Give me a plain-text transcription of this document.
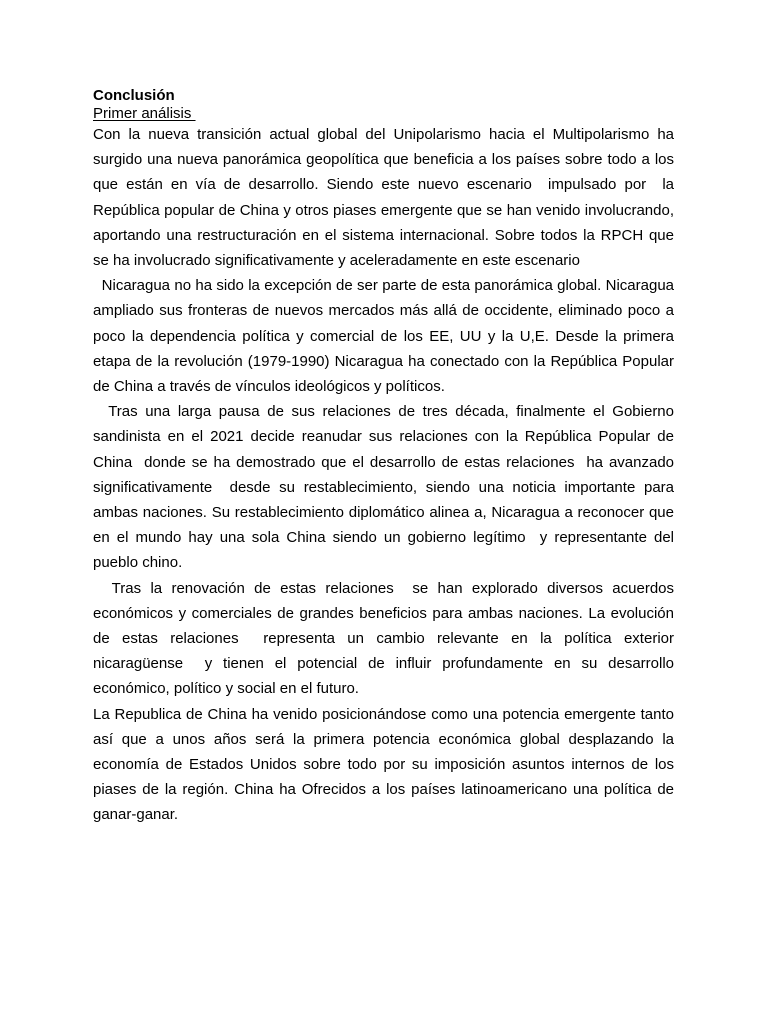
Conclusión

Primer análisis

Con la nueva transición actual global del Unipolarismo hacia el Multipolarismo ha surgido una nueva panorámica geopolítica que beneficia a los países sobre todo a los que están en vía de desarrollo. Siendo este nuevo escenario  impulsado por  la República popular de China y otros piases emergente que se han venido involucrando,  aportando una restructuración en el sistema internacional. Sobre todos la RPCH que se ha involucrado significativamente y aceleradamente en este escenario

Nicaragua no ha sido la excepción de ser parte de esta panorámica global. Nicaragua  ampliado sus fronteras de nuevos mercados más allá de occidente, eliminado poco a poco la dependencia política y comercial de los EE, UU y la U,E. Desde la primera etapa de la revolución (1979-1990) Nicaragua ha conectado con la República Popular de China a través de vínculos ideológicos y políticos.

Tras una larga pausa de sus relaciones de tres década, finalmente el Gobierno sandinista en el 2021 decide reanudar sus relaciones con la República Popular de China  donde se ha demostrado que el desarrollo de estas relaciones  ha avanzado significativamente  desde su restablecimiento, siendo una noticia importante para ambas naciones. Su restablecimiento diplomático alinea a, Nicaragua a reconocer que en el mundo hay una sola China siendo un gobierno legítimo  y representante del pueblo chino.

Tras la renovación de estas relaciones  se han explorado diversos acuerdos económicos y comerciales de grandes beneficios para ambas naciones. La evolución de estas relaciones  representa un cambio relevante en la política exterior nicaragüense  y tienen el potencial de influir profundamente en su desarrollo económico, político y social en el futuro.

La Republica de China ha venido posicionándose como una potencia emergente tanto así que a unos años será la primera potencia económica global desplazando la economía de Estados Unidos sobre todo por su imposición asuntos internos de los piases de la región. China ha Ofrecidos a los países latinoamericano una política de ganar-ganar.
